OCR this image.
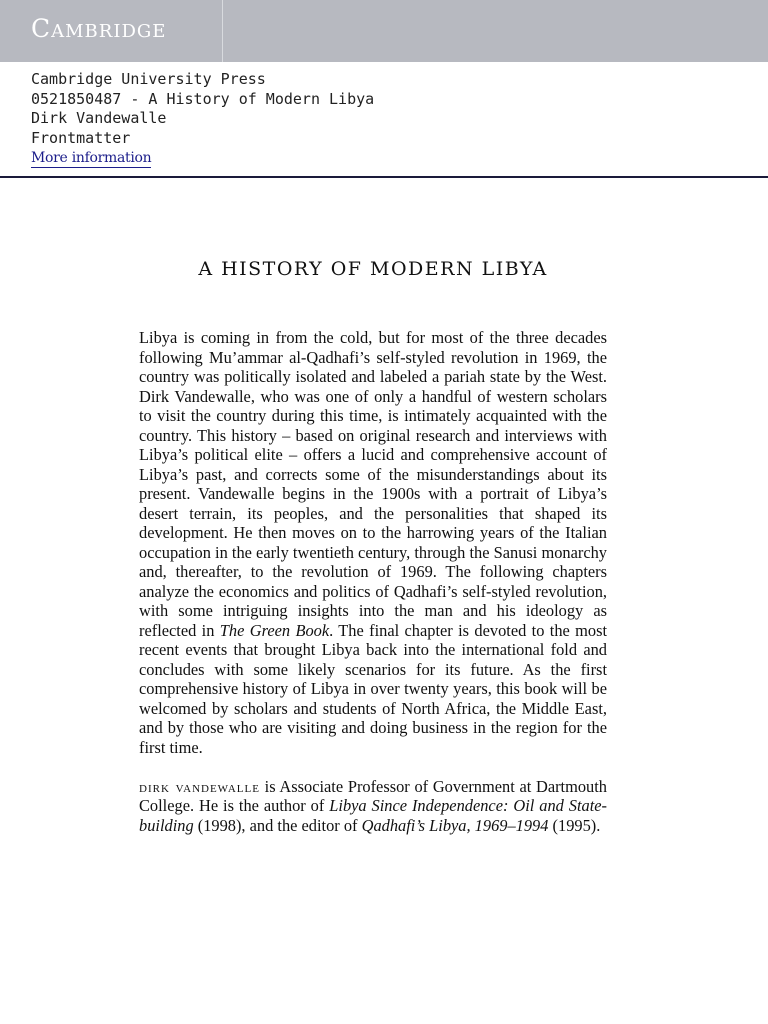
Cambridge
Cambridge University Press
0521850487 - A History of Modern Libya
Dirk Vandewalle
Frontmatter
More information
A HISTORY OF MODERN LIBYA

Libya is coming in from the cold, but for most of the three decades following Mu’ammar al-Qadhafi’s self-styled revolution in 1969, the country was politically isolated and labeled a pariah state by the West. Dirk Vandewalle, who was one of only a handful of western scholars to visit the country during this time, is intimately acquainted with the country. This history – based on original research and interviews with Libya’s political elite – offers a lucid and comprehensive account of Libya’s past, and corrects some of the misunderstandings about its present. Vandewalle begins in the 1900s with a portrait of Libya’s desert terrain, its peoples, and the personalities that shaped its development. He then moves on to the harrowing years of the Italian occupation in the early twentieth century, through the Sanusi monarchy and, thereafter, to the revolution of 1969. The following chapters analyze the economics and politics of Qadhafi’s self-styled revolution, with some intriguing insights into the man and his ideology as reflected in The Green Book. The final chapter is devoted to the most recent events that brought Libya back into the international fold and concludes with some likely scenarios for its future. As the first comprehensive history of Libya in over twenty years, this book will be welcomed by scholars and students of North Africa, the Middle East, and by those who are visiting and doing business in the region for the first time.

dirk vandewalle is Associate Professor of Government at Dartmouth College. He is the author of Libya Since Independence: Oil and State-building (1998), and the editor of Qadhafi’s Libya, 1969–1994 (1995).
